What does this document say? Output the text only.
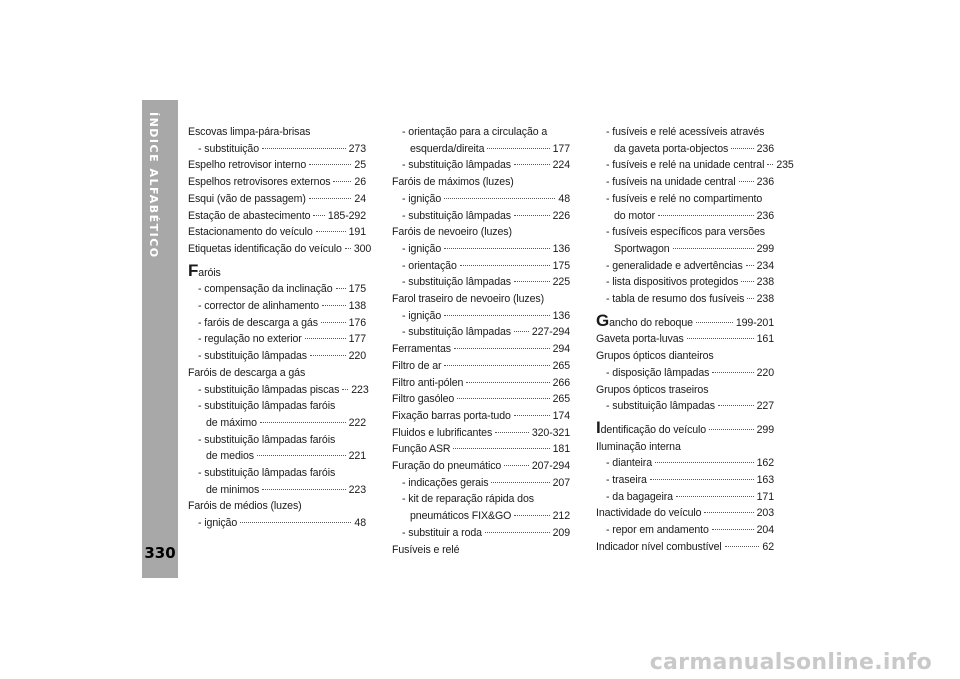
ÍNDICE ALFABÉTICO
330
Escovas limpa-pára-brisas
- substituição	273
Espelho retrovisor interno	25
Espelhos retrovisores externos 26
Esqui (vão de passagem)	24
Estação de abastecimento 185-292
Estacionamento do veículo	191
Etiquetas identificação do veículo 300
F aróis
- compensação da inclinação 175
- corrector de alinhamento	138
- faróis de descarga a gás	176
- regulação no exterior	177
- substituição lâmpadas	220
Faróis de descarga a gás
- substituição lâmpadas piscas 223
- substituição lâmpadas faróis
de máximo	222
- substituição lâmpadas faróis
de medios	221
- substituição lâmpadas faróis
de minimos	223
Faróis de médios (luzes)
- ignição	48
- orientação para a circulação a
esquerda/direita	177
- substituição lâmpadas	224
Faróis de máximos (luzes)
- ignição	48
- substituição lâmpadas	226
Faróis de nevoeiro (luzes)
- ignição	136
- orientação	175
- substituição lâmpadas	225
Farol traseiro de nevoeiro (luzes)
- ignição	136
- substituição lâmpadas 227-294
Ferramentas	294
Filtro de ar	265
Filtro anti-pólen	266
Filtro gasóleo	265
Fixação barras porta-tudo	174
Fluidos e lubrificantes	320-321
Função ASR	181
Furação do pneumático	207-294
- indicações gerais	207
- kit de reparação rápida dos
pneumáticos FIX&GO	212
- substituir a roda	209
Fusíveis e relé
- fusíveis e relé acessíveis através
da gaveta porta-objectos	236
- fusíveis e relé na unidade central 235
- fusíveis na unidade central 236
- fusíveis e relé no compartimento
do motor	236
- fusíveis específicos para versões
Sportwagon	299
- generalidade e advertências 234
- lista dispositivos protegidos 238
- tabla de resumo dos fusíveis 238
G ancho do reboque	199-201
Gaveta porta-luvas	161
Grupos ópticos dianteiros
- disposição lâmpadas	220
Grupos ópticos traseiros
- substituição lâmpadas	227
I dentificação do veículo	299
Iluminação interna
- dianteira	162
- traseira	163
- da bagageira	171
Inactividade do veículo	203
- repor em andamento	204
Indicador nível combustível	62
carmanualsonline.info
